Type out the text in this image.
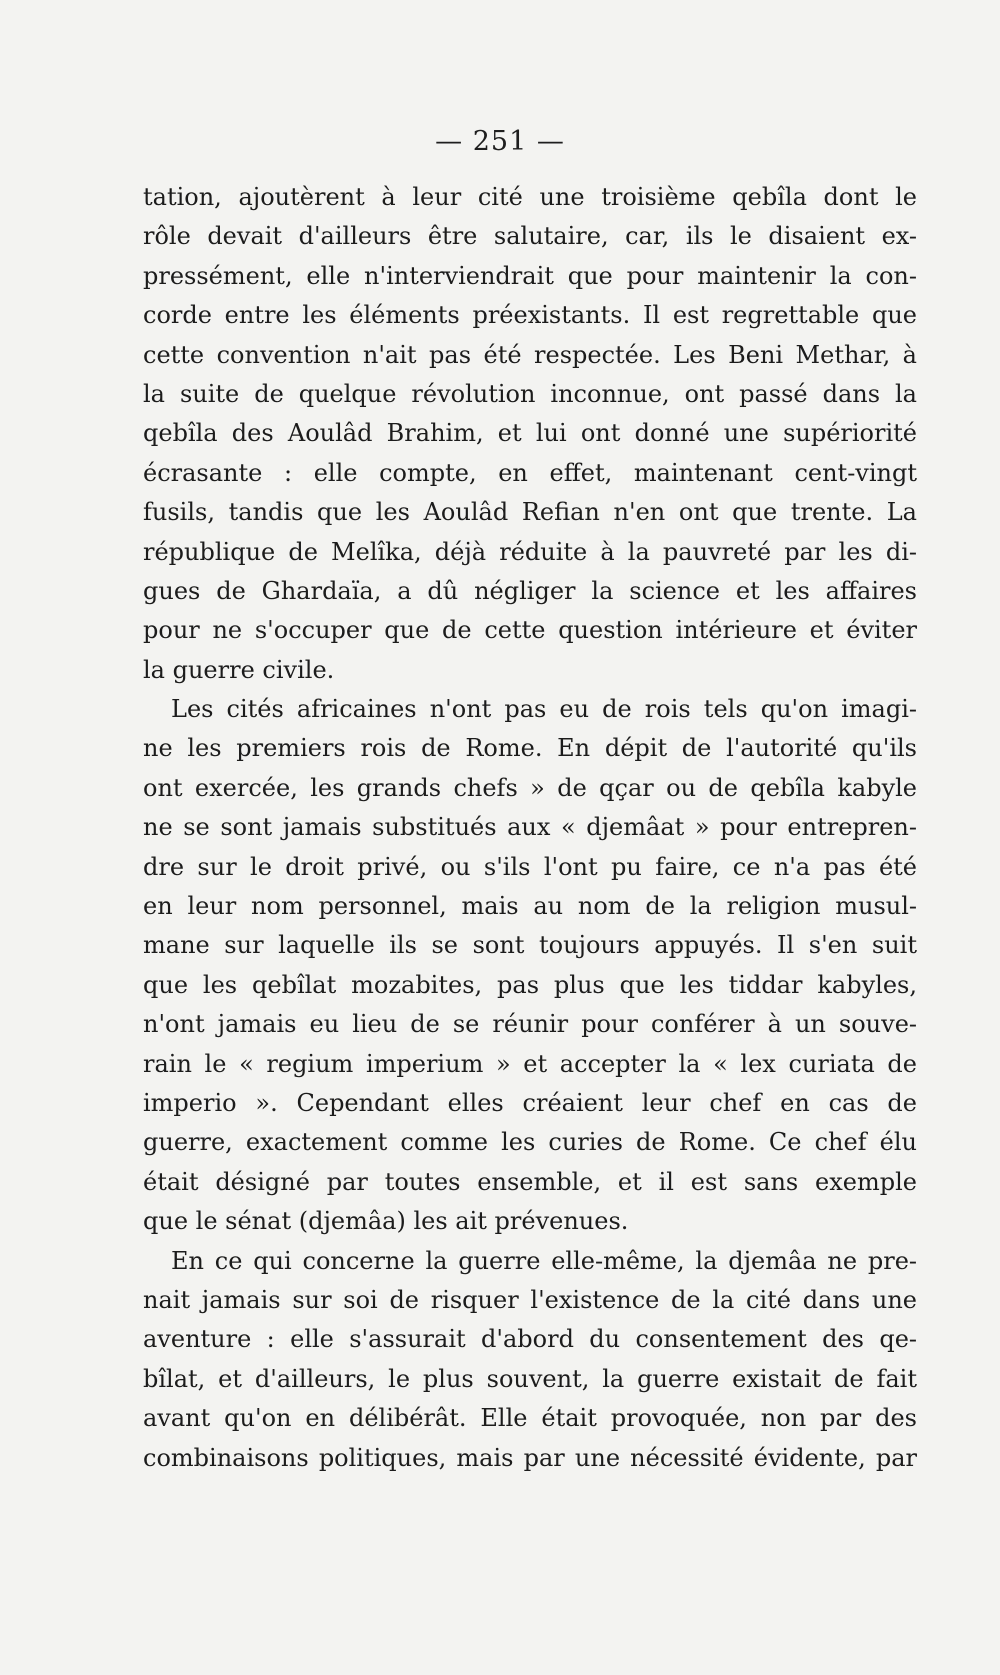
— 251 —
tation, ajoutèrent à leur cité une troisième qebîla dont le
rôle devait d'ailleurs être salutaire, car, ils le disaient ex-
pressément, elle n'interviendrait que pour maintenir la con-
corde entre les éléments préexistants. Il est regrettable que
cette convention n'ait pas été respectée. Les Beni Methar, à
la suite de quelque révolution inconnue, ont passé dans la
qebîla des Aoulâd Brahim, et lui ont donné une supériorité
écrasante : elle compte, en effet, maintenant cent-vingt
fusils, tandis que les Aoulâd Refian n'en ont que trente. La
république de Melîka, déjà réduite à la pauvreté par les di-
gues de Ghardaïa, a dû négliger la science et les affaires
pour ne s'occuper que de cette question intérieure et éviter
la guerre civile.
Les cités africaines n'ont pas eu de rois tels qu'on imagi-
ne les premiers rois de Rome. En dépit de l'autorité qu'ils
ont exercée, les grands chefs » de qçar ou de qebîla kabyle
ne se sont jamais substitués aux « djemâat » pour entrepren-
dre sur le droit privé, ou s'ils l'ont pu faire, ce n'a pas été
en leur nom personnel, mais au nom de la religion musul-
mane sur laquelle ils se sont toujours appuyés. Il s'en suit
que les qebîlat mozabites, pas plus que les tiddar kabyles,
n'ont jamais eu lieu de se réunir pour conférer à un souve-
rain le « regium imperium » et accepter la « lex curiata de
imperio ». Cependant elles créaient leur chef en cas de
guerre, exactement comme les curies de Rome. Ce chef élu
était désigné par toutes ensemble, et il est sans exemple
que le sénat (djemâa) les ait prévenues.
En ce qui concerne la guerre elle-même, la djemâa ne pre-
nait jamais sur soi de risquer l'existence de la cité dans une
aventure : elle s'assurait d'abord du consentement des qe-
bîlat, et d'ailleurs, le plus souvent, la guerre existait de fait
avant qu'on en délibérât. Elle était provoquée, non par des
combinaisons politiques, mais par une nécessité évidente, par
